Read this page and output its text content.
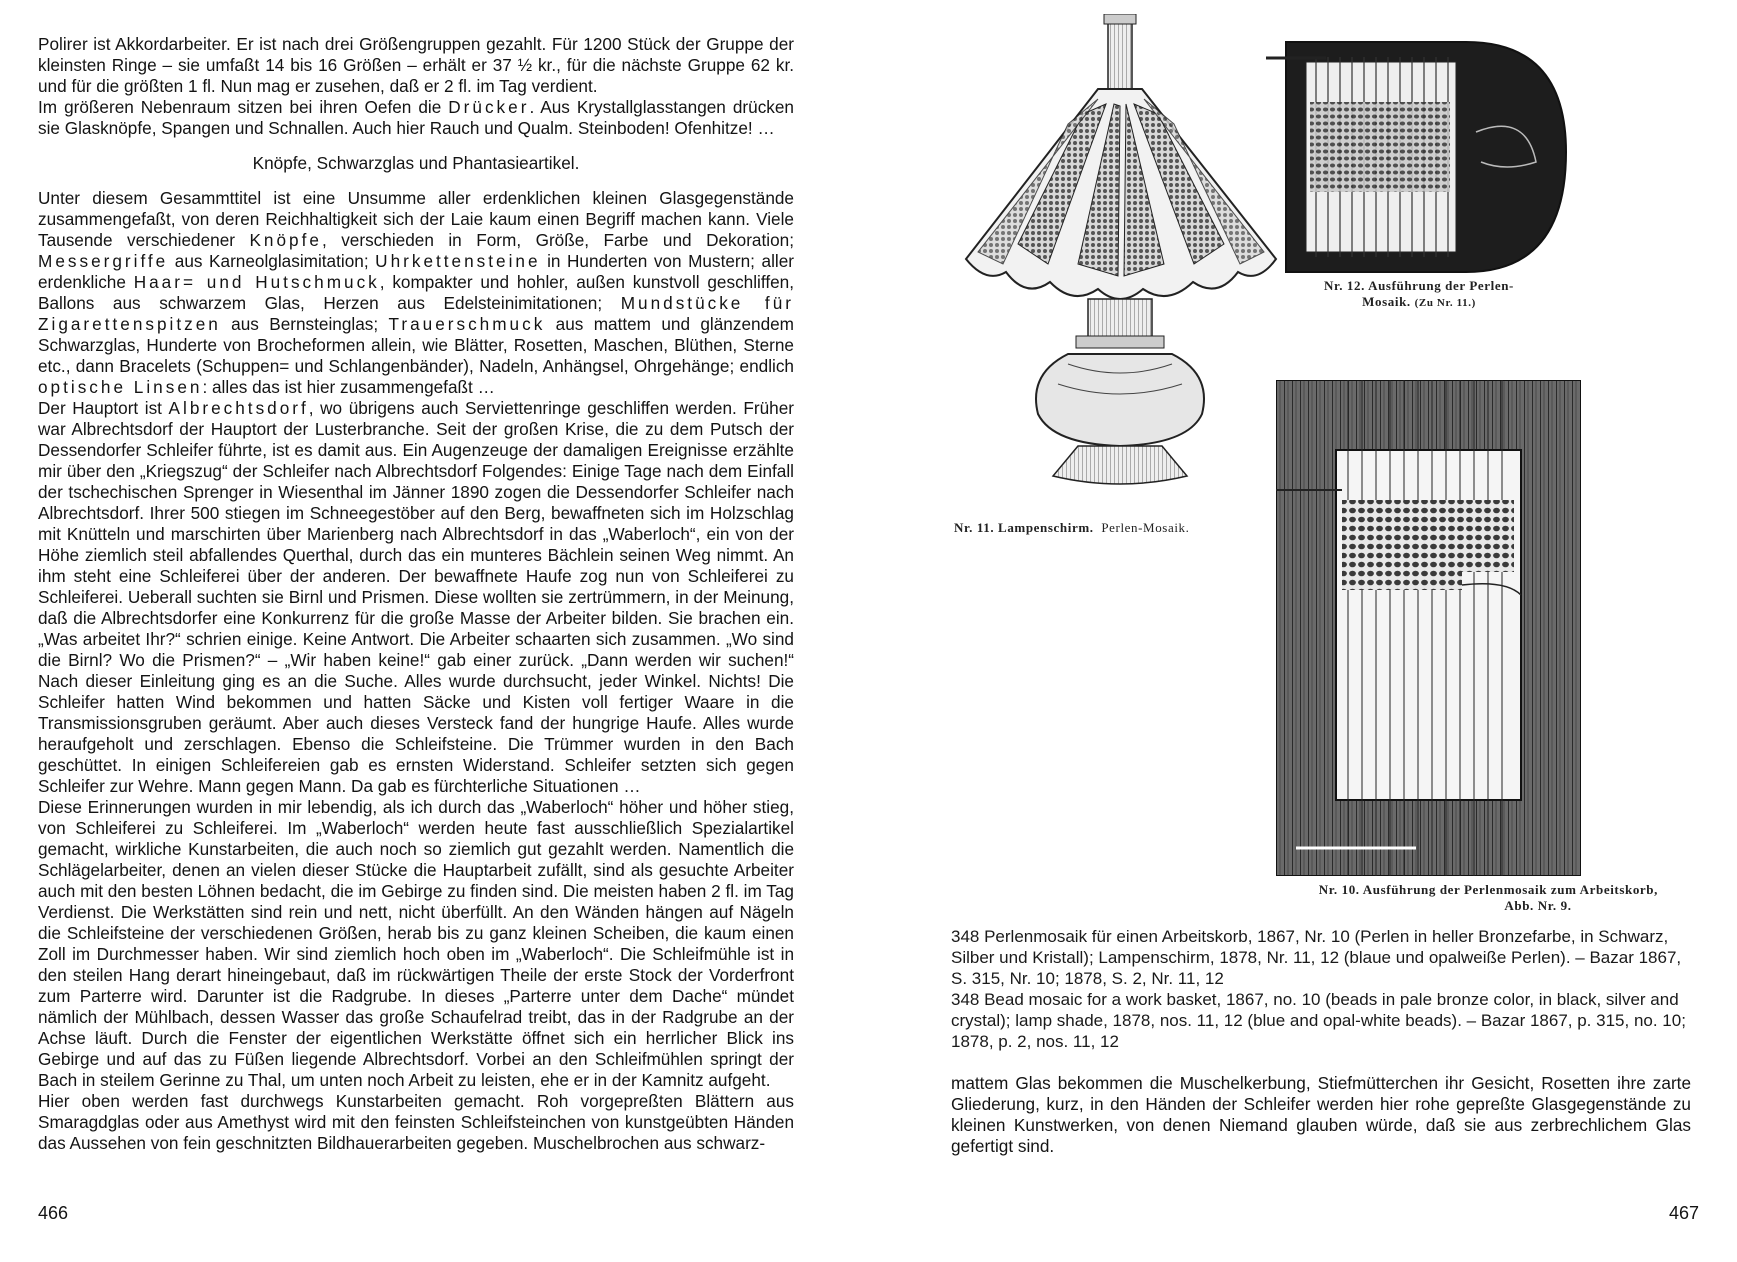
Polirer ist Akkordarbeiter. Er ist nach drei Größengruppen gezahlt. Für 1200 Stück der Gruppe der kleinsten Ringe – sie umfaßt 14 bis 16 Größen – erhält er 37 ½ kr., für die nächste Gruppe 62 kr. und für die größten 1 fl. Nun mag er zusehen, daß er 2 fl. im Tag verdient.

Im größeren Nebenraum sitzen bei ihren Oefen die Drücker. Aus Krystallglasstangen drücken sie Glasknöpfe, Spangen und Schnallen. Auch hier Rauch und Qualm. Steinboden! Ofenhitze! …

Knöpfe, Schwarzglas und Phantasieartikel.

Unter diesem Gesammttitel ist eine Unsumme aller erdenklichen kleinen Glasgegenstände zusammengefaßt, von deren Reichhaltigkeit sich der Laie kaum einen Begriff machen kann. Viele Tausende verschiedener Knöpfe, verschieden in Form, Größe, Farbe und Dekoration; Messergriffe aus Karneolglasimitation; Uhrkettensteine in Hunderten von Mustern; aller erdenkliche Haar= und Hutschmuck, kompakter und hohler, außen kunstvoll geschliffen, Ballons aus schwarzem Glas, Herzen aus Edelsteinimitationen; Mundstücke für Zigarettenspitzen aus Bernsteinglas; Trauerschmuck aus mattem und glänzendem Schwarzglas, Hunderte von Brocheformen allein, wie Blätter, Rosetten, Maschen, Blüthen, Sterne etc., dann Bracelets (Schuppen= und Schlangenbänder), Nadeln, Anhängsel, Ohrgehänge; endlich optische Linsen: alles das ist hier zusammengefaßt …

Der Hauptort ist Albrechtsdorf, wo übrigens auch Serviettenringe geschliffen werden. Früher war Albrechtsdorf der Hauptort der Lusterbranche. Seit der großen Krise, die zu dem Putsch der Dessendorfer Schleifer führte, ist es damit aus. Ein Augenzeuge der damaligen Ereignisse erzählte mir über den „Kriegszug“ der Schleifer nach Albrechtsdorf Folgendes: Einige Tage nach dem Einfall der tschechischen Sprenger in Wiesenthal im Jänner 1890 zogen die Dessendorfer Schleifer nach Albrechtsdorf. Ihrer 500 stiegen im Schneegestöber auf den Berg, bewaffneten sich im Holzschlag mit Knütteln und marschirten über Marienberg nach Albrechtsdorf in das „Waberloch“, ein von der Höhe ziemlich steil abfallendes Querthal, durch das ein munteres Bächlein seinen Weg nimmt. An ihm steht eine Schleiferei über der anderen. Der bewaffnete Haufe zog nun von Schleiferei zu Schleiferei. Ueberall suchten sie Birnl und Prismen. Diese wollten sie zertrümmern, in der Meinung, daß die Albrechtsdorfer eine Konkurrenz für die große Masse der Arbeiter bilden. Sie brachen ein. „Was arbeitet Ihr?“ schrien einige. Keine Antwort. Die Arbeiter schaarten sich zusammen. „Wo sind die Birnl? Wo die Prismen?“ – „Wir haben keine!“ gab einer zurück. „Dann werden wir suchen!“ Nach dieser Einleitung ging es an die Suche. Alles wurde durchsucht, jeder Winkel. Nichts! Die Schleifer hatten Wind bekommen und hatten Säcke und Kisten voll fertiger Waare in die Transmissionsgruben geräumt. Aber auch dieses Versteck fand der hungrige Haufe. Alles wurde heraufgeholt und zerschlagen. Ebenso die Schleifsteine. Die Trümmer wurden in den Bach geschüttet. In einigen Schleifereien gab es ernsten Widerstand. Schleifer setzten sich gegen Schleifer zur Wehre. Mann gegen Mann. Da gab es fürchterliche Situationen …

Diese Erinnerungen wurden in mir lebendig, als ich durch das „Waberloch“ höher und höher stieg, von Schleiferei zu Schleiferei. Im „Waberloch“ werden heute fast ausschließlich Spezialartikel gemacht, wirkliche Kunstarbeiten, die auch noch so ziemlich gut gezahlt werden. Namentlich die Schlägelarbeiter, denen an vielen dieser Stücke die Hauptarbeit zufällt, sind als gesuchte Arbeiter auch mit den besten Löhnen bedacht, die im Gebirge zu finden sind. Die meisten haben 2 fl. im Tag Verdienst. Die Werkstätten sind rein und nett, nicht überfüllt. An den Wänden hängen auf Nägeln die Schleifsteine der verschiedenen Größen, herab bis zu ganz kleinen Scheiben, die kaum einen Zoll im Durchmesser haben. Wir sind ziemlich hoch oben im „Waberloch“. Die Schleifmühle ist in den steilen Hang derart hineingebaut, daß im rückwärtigen Theile der erste Stock der Vorderfront zum Parterre wird. Darunter ist die Radgrube. In dieses „Parterre unter dem Dache“ mündet nämlich der Mühlbach, dessen Wasser das große Schaufelrad treibt, das in der Radgrube an der Achse läuft. Durch die Fenster der eigentlichen Werkstätte öffnet sich ein herrlicher Blick ins Gebirge und auf das zu Füßen liegende Albrechtsdorf. Vorbei an den Schleifmühlen springt der Bach in steilem Gerinne zu Thal, um unten noch Arbeit zu leisten, ehe er in der Kamnitz aufgeht.

Hier oben werden fast durchwegs Kunstarbeiten gemacht. Roh vorgepreßten Blättern aus Smaragdglas oder aus Amethyst wird mit den feinsten Schleifsteinchen von kunstgeübten Händen das Aussehen von fein geschnitzten Bildhauerarbeiten gegeben. Muschelbrochen aus schwarz-

466
Nr. 12. Ausführung der Perlen-
Mosaik. (Zu Nr. 11.)
Nr. 11. Lampenschirm. Perlen-Mosaik.
Nr. 10. Ausführung der Perlenmosaik zum Arbeitskorb,
Abb. Nr. 9.

348 Perlenmosaik für einen Arbeitskorb, 1867, Nr. 10 (Perlen in heller Bronzefarbe, in Schwarz, Silber und Kristall); Lampenschirm, 1878, Nr. 11, 12 (blaue und opalweiße Perlen). – Bazar 1867, S. 315, Nr. 10; 1878, S. 2, Nr. 11, 12

348 Bead mosaic for a work basket, 1867, no. 10 (beads in pale bronze color, in black, silver and crystal); lamp shade, 1878, nos. 11, 12 (blue and opal-white beads). – Bazar 1867, p. 315, no. 10; 1878, p. 2, nos. 11, 12

mattem Glas bekommen die Muschelkerbung, Stiefmütterchen ihr Gesicht, Rosetten ihre zarte Gliederung, kurz, in den Händen der Schleifer werden hier rohe gepreßte Glasgegenstände zu kleinen Kunstwerken, von denen Niemand glauben würde, daß sie aus zerbrechlichem Glas gefertigt sind.

467
